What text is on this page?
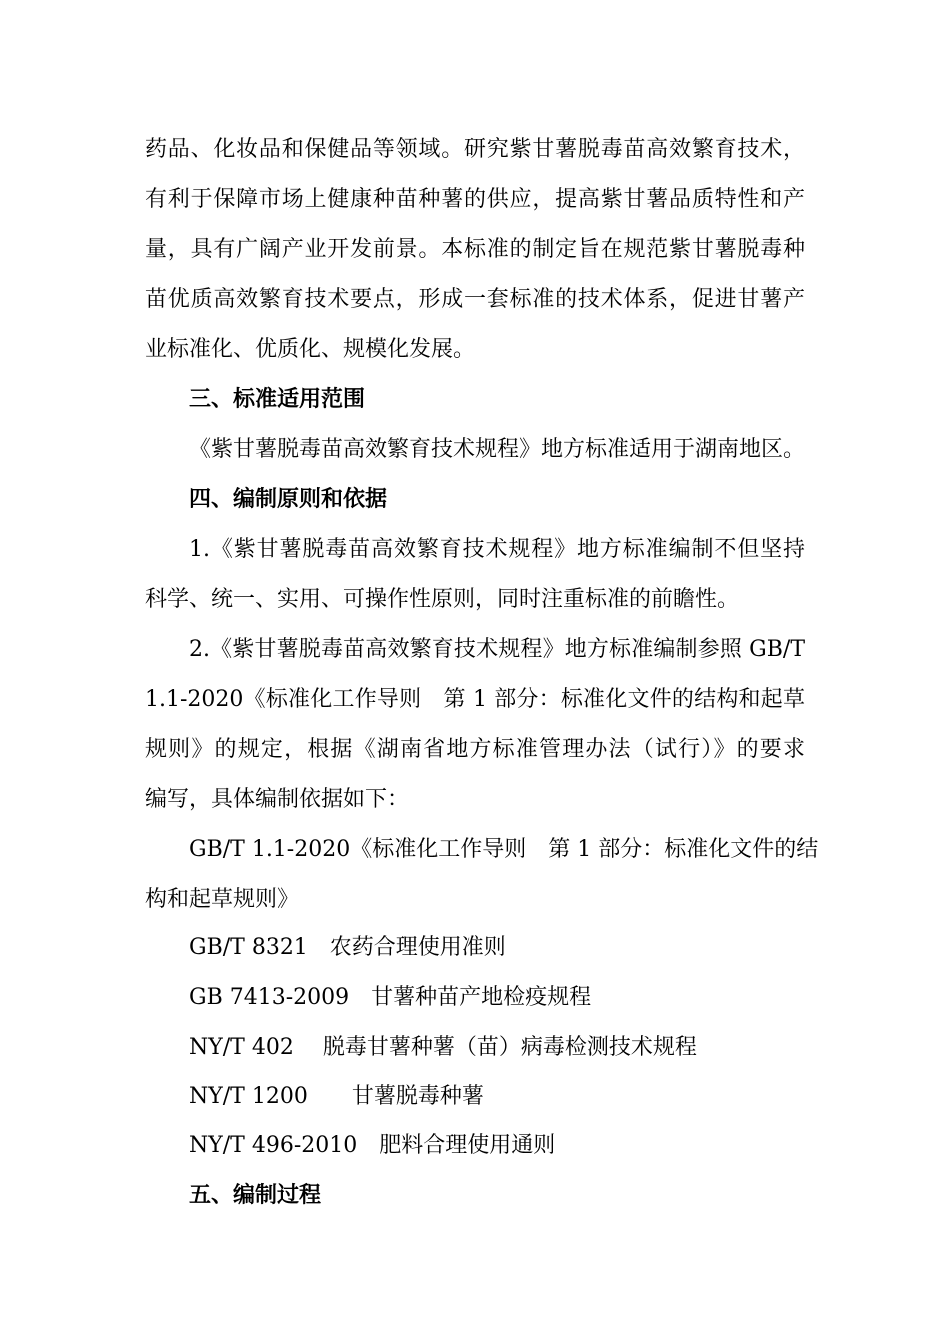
药品、化妆品和保健品等领域。研究紫甘薯脱毒苗高效繁育技术，
有利于保障市场上健康种苗种薯的供应，提高紫甘薯品质特性和产
量，具有广阔产业开发前景。本标准的制定旨在规范紫甘薯脱毒种
苗优质高效繁育技术要点，形成一套标准的技术体系，促进甘薯产
业标准化、优质化、规模化发展。
三、标准适用范围
《紫甘薯脱毒苗高效繁育技术规程》地方标准适用于湖南地区。
四、编制原则和依据
1.《紫甘薯脱毒苗高效繁育技术规程》地方标准编制不但坚持
科学、统一、实用、可操作性原则，同时注重标准的前瞻性。
2.《紫甘薯脱毒苗高效繁育技术规程》地方标准编制参照 GB/T
1.1-2020《标准化工作导则　第 1 部分：标准化文件的结构和起草
规则》的规定，根据《湖南省地方标准管理办法（试行）》的要求
编写，具体编制依据如下：
GB/T 1.1-2020《标准化工作导则　第 1 部分：标准化文件的结
构和起草规则》
GB/T 8321　农药合理使用准则
GB 7413-2009　甘薯种苗产地检疫规程
NY/T 402　 脱毒甘薯种薯（苗）病毒检测技术规程
NY/T 1200　　甘薯脱毒种薯
NY/T 496-2010　肥料合理使用通则
五、编制过程
